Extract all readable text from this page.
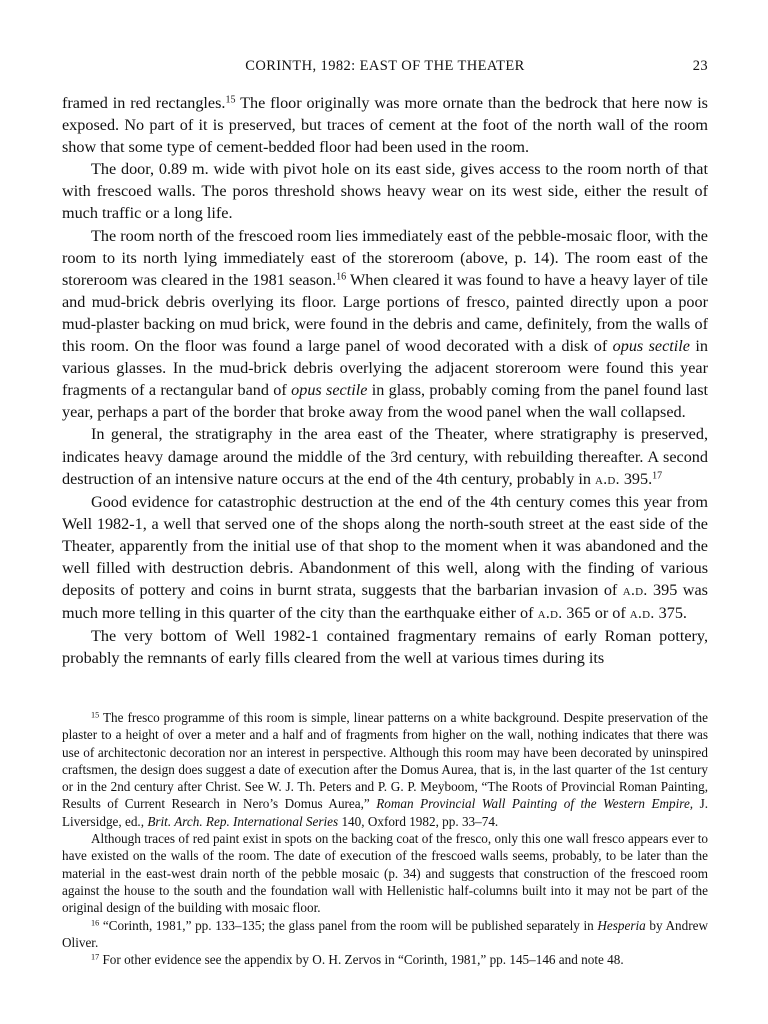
CORINTH, 1982: EAST OF THE THEATER	23

framed in red rectangles.$^{15}$ The floor originally was more ornate than the bedrock that here now is exposed. No part of it is preserved, but traces of cement at the foot of the north wall of the room show that some type of cement-bedded floor had been used in the room.

The door, 0.89 m. wide with pivot hole on its east side, gives access to the room north of that with frescoed walls. The poros threshold shows heavy wear on its west side, either the result of much traffic or a long life.

The room north of the frescoed room lies immediately east of the pebble-mosaic floor, with the room to its north lying immediately east of the storeroom (above, p. 14). The room east of the storeroom was cleared in the 1981 season.$^{16}$ When cleared it was found to have a heavy layer of tile and mud-brick debris overlying its floor. Large portions of fresco, painted directly upon a poor mud-plaster backing on mud brick, were found in the debris and came, definitely, from the walls of this room. On the floor was found a large panel of wood decorated with a disk of opus sectile in various glasses. In the mud-brick debris overlying the adjacent storeroom were found this year fragments of a rectangular band of opus sectile in glass, probably coming from the panel found last year, perhaps a part of the border that broke away from the wood panel when the wall collapsed.

In general, the stratigraphy in the area east of the Theater, where stratigraphy is preserved, indicates heavy damage around the middle of the 3rd century, with rebuilding thereafter. A second destruction of an intensive nature occurs at the end of the 4th century, probably in a.d. 395.17

Good evidence for catastrophic destruction at the end of the 4th century comes this year from Well 1982-1, a well that served one of the shops along the north-south street at the east side of the Theater, apparently from the initial use of that shop to the moment when it was abandoned and the well filled with destruction debris. Abandonment of this well, along with the finding of various deposits of pottery and coins in burnt strata, suggests that the barbarian invasion of a.d. 395 was much more telling in this quarter of the city than the earthquake either of a.d. 365 or of a.d. 375.

The very bottom of Well 1982-1 contained fragmentary remains of early Roman pottery, probably the remnants of early fills cleared from the well at various times during its

$^{15}$ The fresco programme of this room is simple, linear patterns on a white background. Despite preservation of the plaster to a height of over a meter and a half and of fragments from higher on the wall, nothing indicates that there was use of architectonic decoration nor an interest in perspective. Although this room may have been decorated by uninspired craftsmen, the design does suggest a date of execution after the Domus Aurea, that is, in the last quarter of the 1st century or in the 2nd century after Christ. See W. J. Th. Peters and P. G. P. Meyboom, “The Roots of Provincial Roman Painting, Results of Current Research in Nero’s Domus Aurea,” Roman Provincial Wall Painting of the Western Empire, J. Liversidge, ed., Brit. Arch. Rep. International Series 140, Oxford 1982, pp. 33–74.

Although traces of red paint exist in spots on the backing coat of the fresco, only this one wall fresco appears ever to have existed on the walls of the room. The date of execution of the frescoed walls seems, probably, to be later than the material in the east-west drain north of the pebble mosaic (p. 34) and suggests that construction of the frescoed room against the house to the south and the foundation wall with Hellenistic half-columns built into it may not be part of the original design of the building with mosaic floor.

$^{16}$ “Corinth, 1981,” pp. 133–135; the glass panel from the room will be published separately in Hesperia by Andrew Oliver.

$^{17}$ For other evidence see the appendix by O. H. Zervos in “Corinth, 1981,” pp. 145–146 and note 48.
